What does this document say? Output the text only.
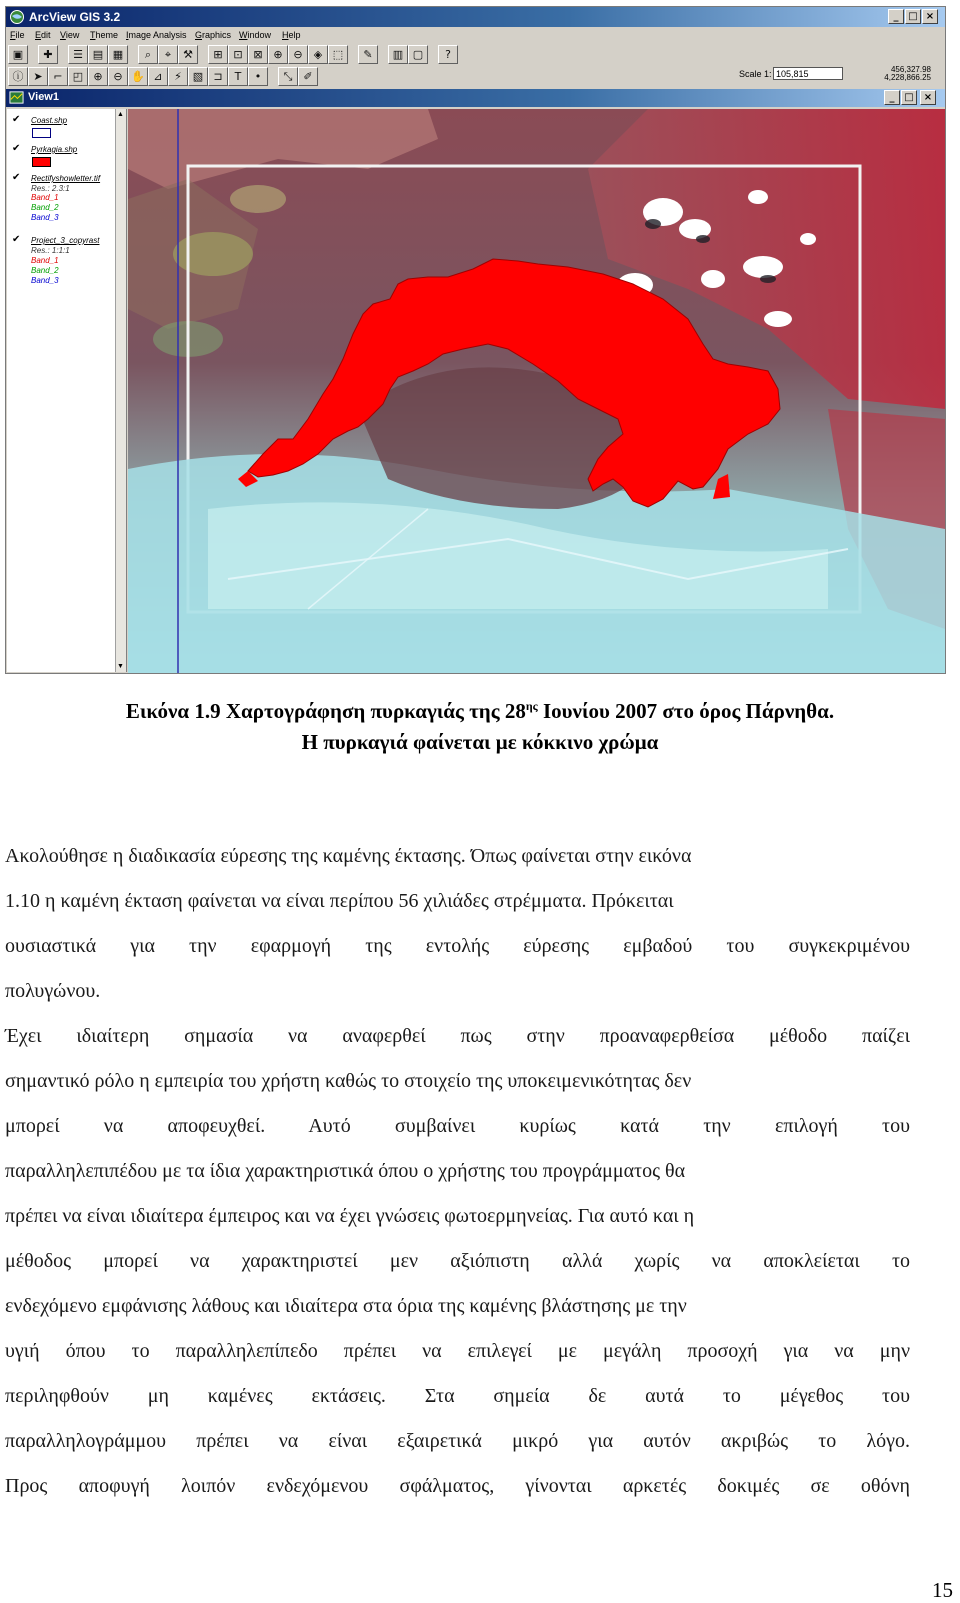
ArcView GIS 3.2	_ □ ×
File Edit View Theme Image Analysis Graphics Window Help
▣	✚	☰ ▤ ▦	⌕	⌖	⚒	⊞ ⊡ ⊠ ⊕ ⊖	◈ ⬚	✎	▥ ▢	?
ⓘ ➤ ⌐ ◰ ⊕ ⊖ ✋ ⊿	⚡ ▧ ⊐	T	•	⤡ ✐	Scale 1: 105,815	456,327.98
4,228,866.25
View1	_ □	×
✔ Coast.shp
✔ Pyrkagia.shp
✔ Rectifyshowletter.tif
Res.: 2.3:1
Band_1
Band_2
Band_3
✔ Project_3_copyrast
Res.: 1:1:1
Band_1
Band_2
Band_3
▲
▼
Εικόνα 1.9 Χαρτογράφηση πυρκαγιάς της $28^{\eta\varsigma}$ Ιουνίου 2007 στο όρος Πάρνηθα.
Η πυρκαγιά φαίνεται με κόκκινο χρώμα
Ακολούθησε η διαδικασία εύρεσης της καμένης έκτασης. Όπως φαίνεται στην εικόνα
1.10 η καμένη έκταση φαίνεται να είναι περίπου 56 χιλιάδες στρέμματα. Πρόκειται
ουσιαστικά για την εφαρμογή της εντολής εύρεσης εμβαδού του συγκεκριμένου
πολυγώνου.
Έχει ιδιαίτερη σημασία να αναφερθεί πως στην προαναφερθείσα μέθοδο παίζει
σημαντικό ρόλο η εμπειρία του χρήστη καθώς το στοιχείο της υποκειμενικότητας δεν
μπορεί να αποφευχθεί. Αυτό συμβαίνει κυρίως κατά την επιλογή του
παραλληλεπιπέδου με τα ίδια χαρακτηριστικά όπου ο χρήστης του προγράμματος θα
πρέπει να είναι ιδιαίτερα έμπειρος και να έχει γνώσεις φωτοερμηνείας. Για αυτό και η
μέθοδος μπορεί να χαρακτηριστεί μεν αξιόπιστη αλλά χωρίς να αποκλείεται το
ενδεχόμενο εμφάνισης λάθους και ιδιαίτερα στα όρια της καμένης βλάστησης με την
υγιή όπου το παραλληλεπίπεδο πρέπει να επιλεγεί με μεγάλη προσοχή για να μην
περιληφθούν μη καμένες εκτάσεις. Στα σημεία δε αυτά το μέγεθος του
παραλληλογράμμου πρέπει να είναι εξαιρετικά μικρό για αυτόν ακριβώς το λόγο.
Προς αποφυγή λοιπόν ενδεχόμενου σφάλματος, γίνονται αρκετές δοκιμές σε οθόνη
15
